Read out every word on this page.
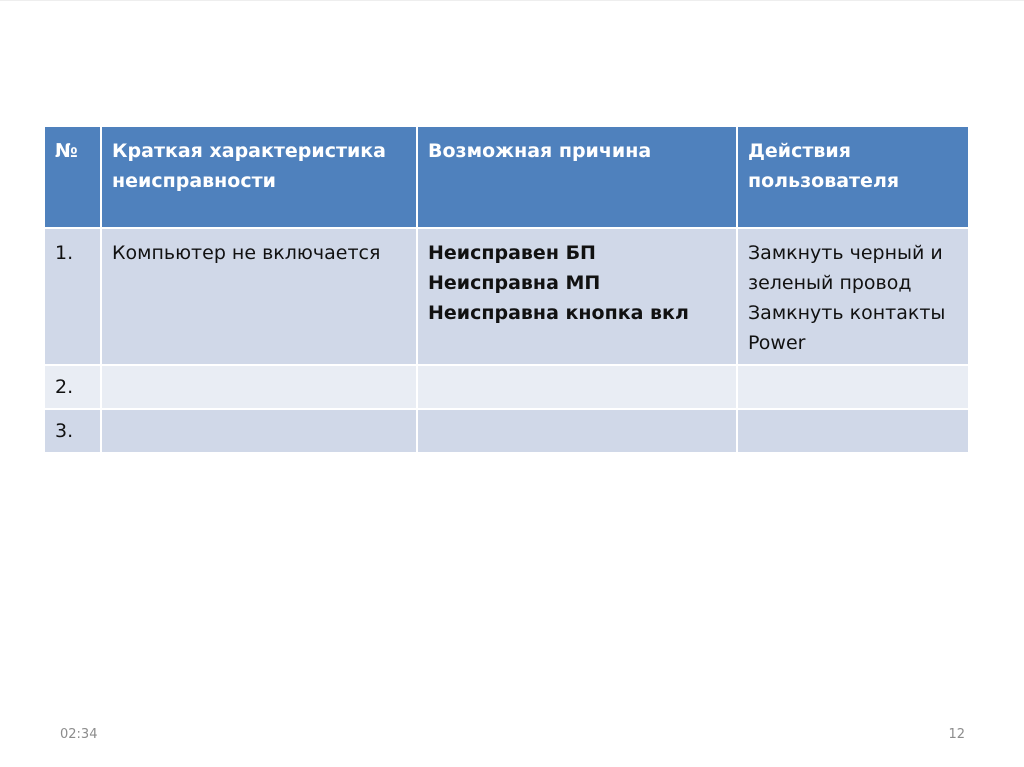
№	Краткая характеристика неисправности	Возможная причина	Действия пользователя
1.	Компьютер не включается	Неисправен БП
Неисправна МП
Неисправна кнопка вкл	Замкнуть черный и
зеленый провод
Замкнуть контакты
Power

2.			
3.			
02:34	12
